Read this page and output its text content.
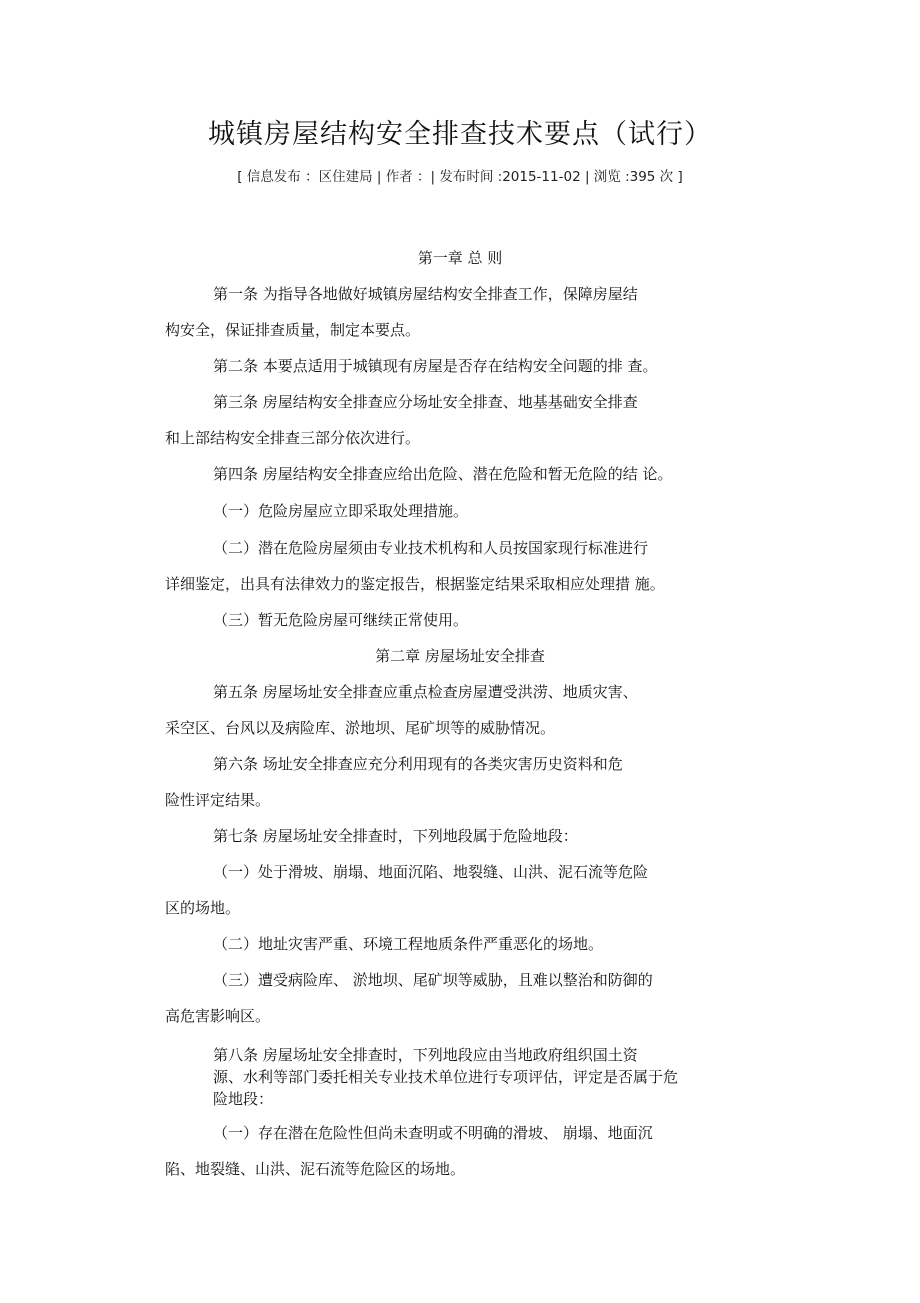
城镇房屋结构安全排查技术要点（试行）
[ 信息发布 ：区住建局 | 作者 ：| 发布时间 :2015-11-02 | 浏览 :395 次 ]
第一章 总 则
第一条 为指导各地做好城镇房屋结构安全排查工作，保障房屋结
构安全，保证排查质量，制定本要点。
第二条 本要点适用于城镇现有房屋是否存在结构安全问题的排 查。
第三条 房屋结构安全排查应分场址安全排查、地基基础安全排查
和上部结构安全排查三部分依次进行。
第四条 房屋结构安全排查应给出危险、潜在危险和暂无危险的结 论。
（一）危险房屋应立即采取处理措施。
（二）潜在危险房屋须由专业技术机构和人员按国家现行标准进行
详细鉴定，出具有法律效力的鉴定报告，根据鉴定结果采取相应处理措 施。
（三）暂无危险房屋可继续正常使用。
第二章 房屋场址安全排查
第五条 房屋场址安全排查应重点检查房屋遭受洪涝、地质灾害、
采空区、台风以及病险库、淤地坝、尾矿坝等的威胁情况。
第六条 场址安全排查应充分利用现有的各类灾害历史资料和危
险性评定结果。
第七条 房屋场址安全排查时，下列地段属于危险地段：
（一）处于滑坡、崩塌、地面沉陷、地裂缝、山洪、泥石流等危险
区的场地。
（二）地址灾害严重、环境工程地质条件严重恶化的场地。
（三）遭受病险库、 淤地坝、尾矿坝等威胁，且难以整治和防御的
高危害影响区。
第八条 房屋场址安全排查时，下列地段应由当地政府组织国土资
源、水利等部门委托相关专业技术单位进行专项评估，评定是否属于危
险地段：
（一）存在潜在危险性但尚未查明或不明确的滑坡、 崩塌、地面沉
陷、地裂缝、山洪、泥石流等危险区的场地。
